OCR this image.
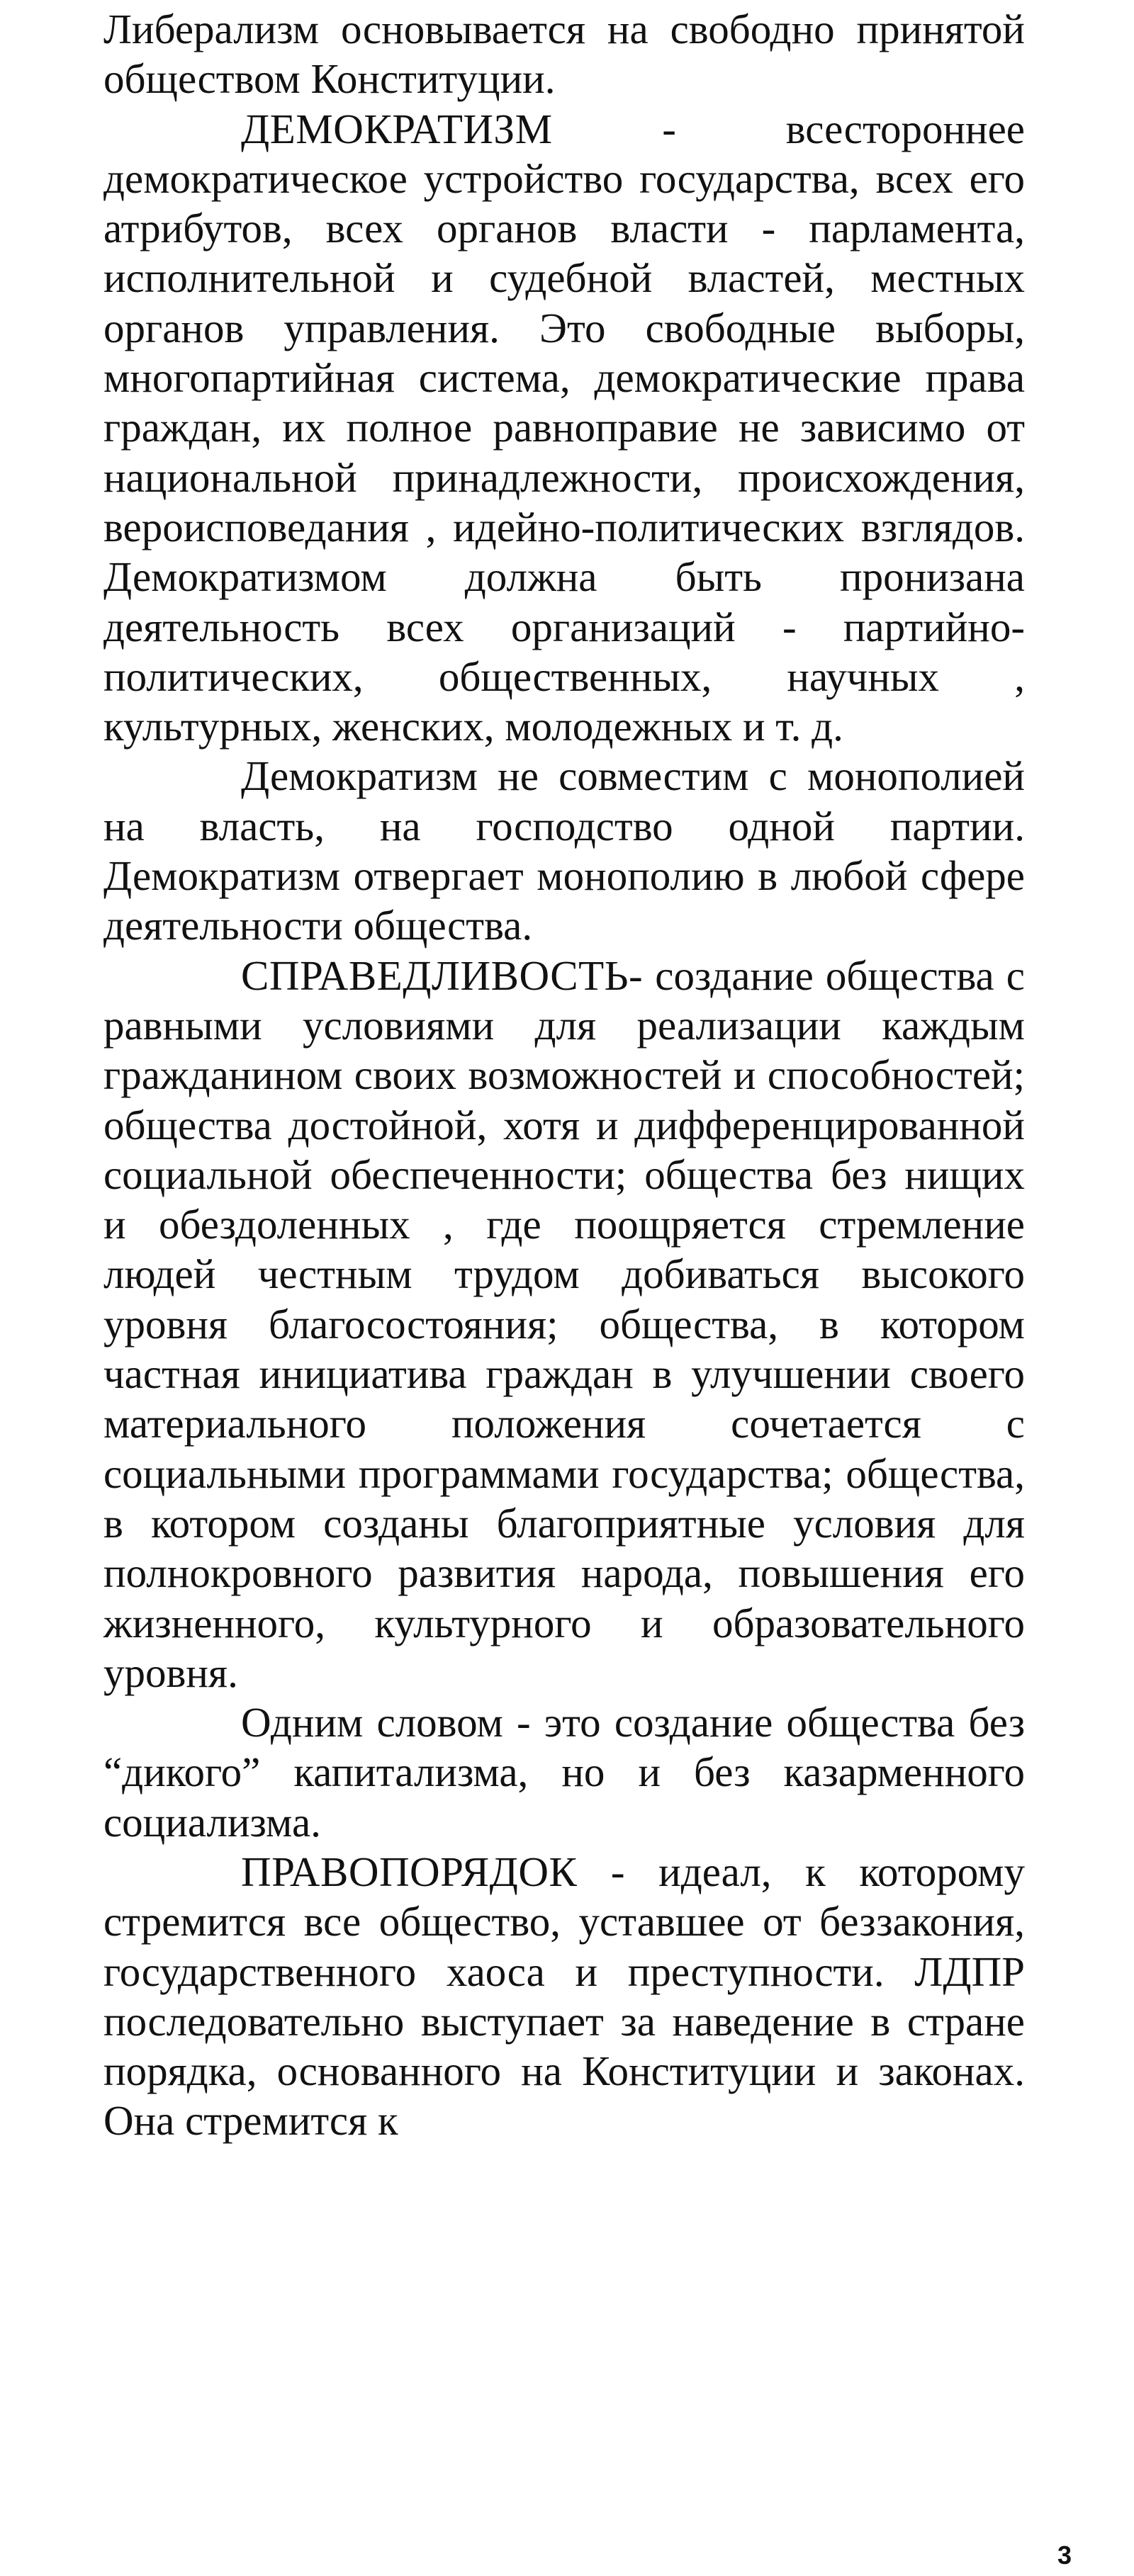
Либерализм основывается на свободно принятой обществом Конституции.

ДЕМОКРАТИЗМ - всестороннее демократическое устройство государства, всех его атрибутов, всех органов власти - парламента, исполнительной и судебной властей, местных органов управления. Это свободные выборы, многопартийная система, демократические права граждан, их полное равноправие не зависимо от национальной принадлежности, происхождения, вероисповедания , идейно-политических взглядов. Демократизмом должна быть пронизана деятельность всех организаций - партийно-политических, общественных, научных , культурных, женских, молодежных и т. д.

Демократизм не совместим с монополией на власть, на господство одной партии. Демократизм отвергает монополию в любой сфере деятельности общества.

СПРАВЕДЛИВОСТЬ- создание общества с равными условиями для реализации каждым гражданином своих возможностей и способностей; общества достойной, хотя и дифференцированной социальной обеспеченности; общества без нищих и обездоленных , где поощряется стремление людей честным трудом добиваться высокого уровня благосостояния; общества, в котором частная инициатива граждан в улучшении своего материального положения сочетается с социальными программами государства; общества, в котором созданы благоприятные условия для полнокровного развития народа, повышения его жизненного, культурного и образовательного уровня.

Одним словом - это создание общества без “дикого” капитализма, но и без казарменного социализма.

ПРАВОПОРЯДОК - идеал, к которому стремится все общество, уставшее от беззакония, государственного хаоса и преступности. ЛДПР последовательно выступает за наведение в стране порядка, основанного на Конституции и законах. Она стремится к

3
